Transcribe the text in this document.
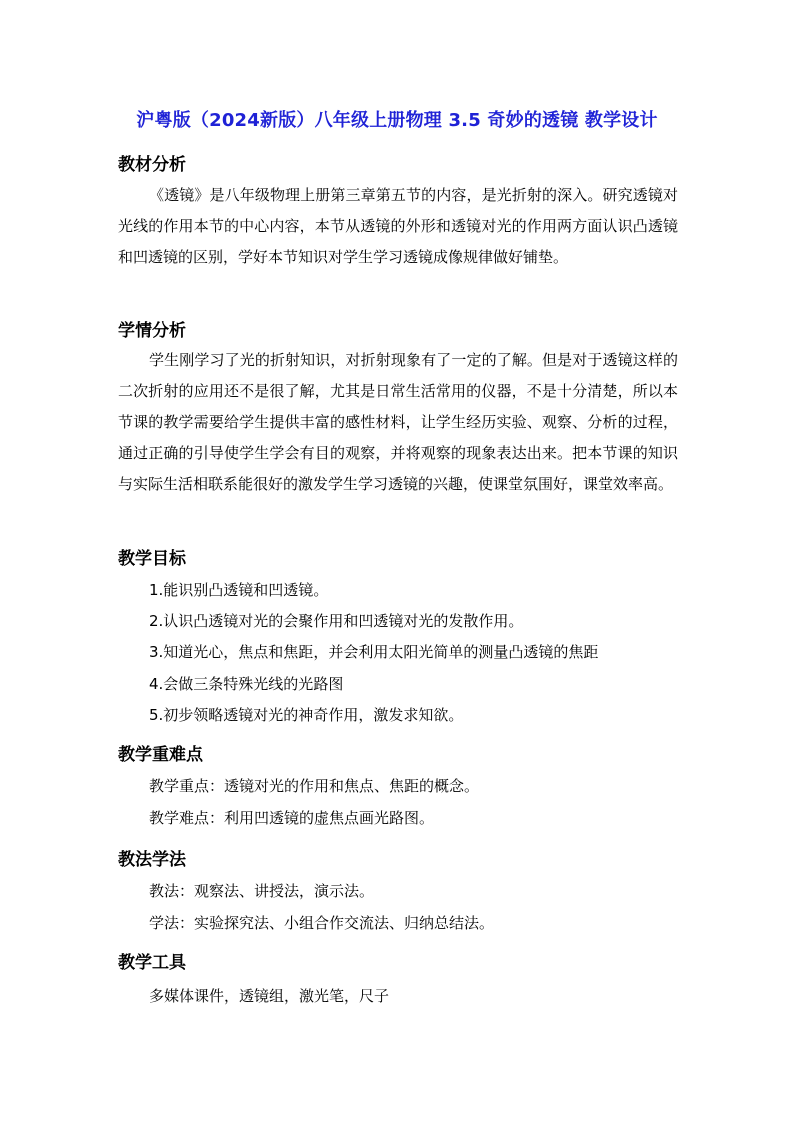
沪粤版（2024新版）八年级上册物理 3.5 奇妙的透镜 教学设计
教材分析
《透镜》是八年级物理上册第三章第五节的内容，是光折射的深入。研究透镜对光线的作用本节的中心内容，本节从透镜的外形和透镜对光的作用两方面认识凸透镜和凹透镜的区别，学好本节知识对学生学习透镜成像规律做好铺垫。
学情分析
学生刚学习了光的折射知识，对折射现象有了一定的了解。但是对于透镜这样的二次折射的应用还不是很了解，尤其是日常生活常用的仪器，不是十分清楚，所以本节课的教学需要给学生提供丰富的感性材料，让学生经历实验、观察、分析的过程，通过正确的引导使学生学会有目的观察，并将观察的现象表达出来。把本节课的知识与实际生活相联系能很好的激发学生学习透镜的兴趣，使课堂氛围好，课堂效率高。
教学目标
1.能识别凸透镜和凹透镜。
2.认识凸透镜对光的会聚作用和凹透镜对光的发散作用。
3.知道光心，焦点和焦距，并会利用太阳光简单的测量凸透镜的焦距
4.会做三条特殊光线的光路图
5.初步领略透镜对光的神奇作用，激发求知欲。
教学重难点
教学重点：透镜对光的作用和焦点、焦距的概念。
教学难点：利用凹透镜的虚焦点画光路图。
教法学法
教法：观察法、讲授法，演示法。
学法：实验探究法、小组合作交流法、归纳总结法。
教学工具
多媒体课件，透镜组，激光笔，尺子
